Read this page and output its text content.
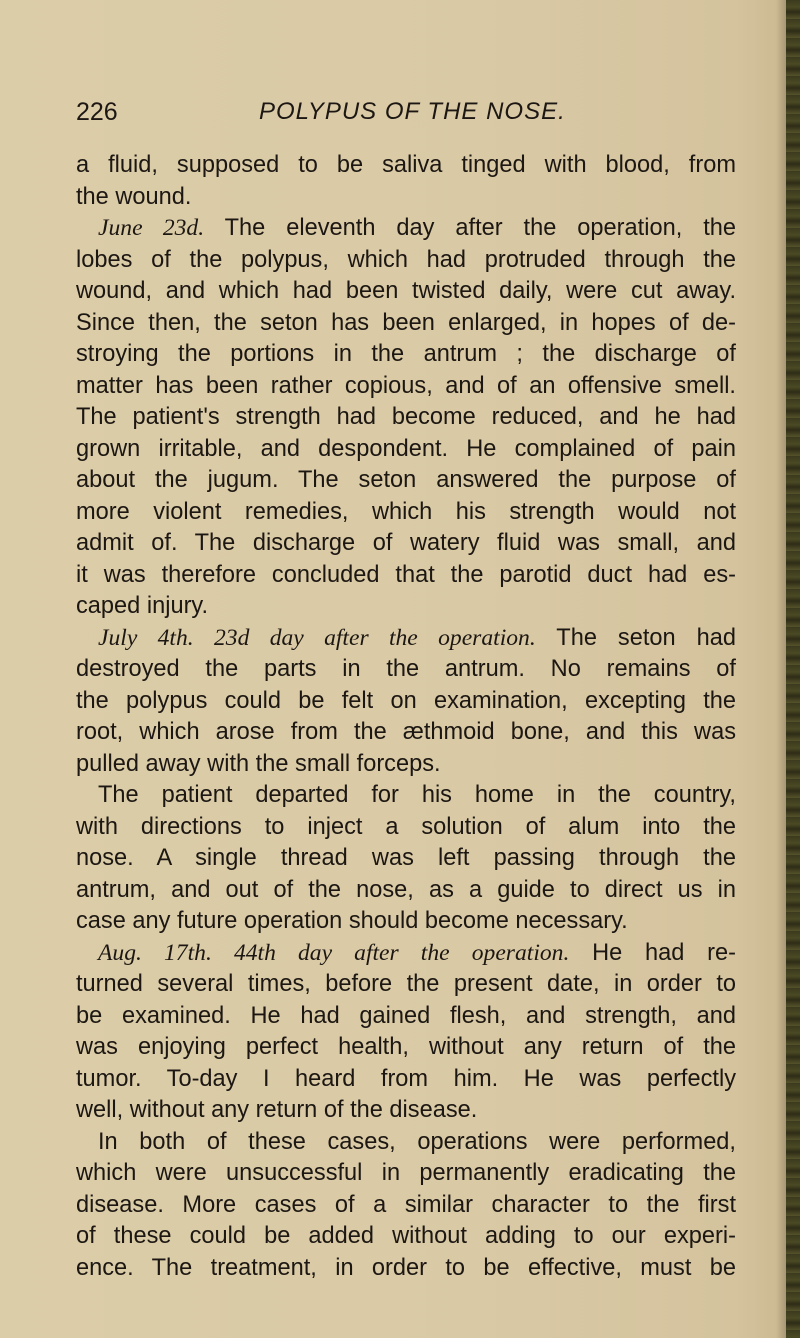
226	POLYPUS OF THE NOSE.
a fluid, supposed to be saliva tinged with blood, from
the wound.
June 23d. The eleventh day after the operation, the
lobes of the polypus, which had protruded through the
wound, and which had been twisted daily, were cut away.
Since then, the seton has been enlarged, in hopes of de-
stroying the portions in the antrum ; the discharge of
matter has been rather copious, and of an offensive smell.
The patient's strength had become reduced, and he had
grown irritable, and despondent. He complained of pain
about the jugum. The seton answered the purpose of
more violent remedies, which his strength would not
admit of. The discharge of watery fluid was small, and
it was therefore concluded that the parotid duct had es-
caped injury.
July 4th. 23d day after the operation. The seton had
destroyed the parts in the antrum. No remains of
the polypus could be felt on examination, excepting the
root, which arose from the æthmoid bone, and this was
pulled away with the small forceps.
The patient departed for his home in the country,
with directions to inject a solution of alum into the
nose. A single thread was left passing through the
antrum, and out of the nose, as a guide to direct us in
case any future operation should become necessary.
Aug. 17th. 44th day after the operation. He had re-
turned several times, before the present date, in order to
be examined. He had gained flesh, and strength, and
was enjoying perfect health, without any return of the
tumor. To-day I heard from him. He was perfectly
well, without any return of the disease.
In both of these cases, operations were performed,
which were unsuccessful in permanently eradicating the
disease. More cases of a similar character to the first
of these could be added without adding to our experi-
ence. The treatment, in order to be effective, must be
